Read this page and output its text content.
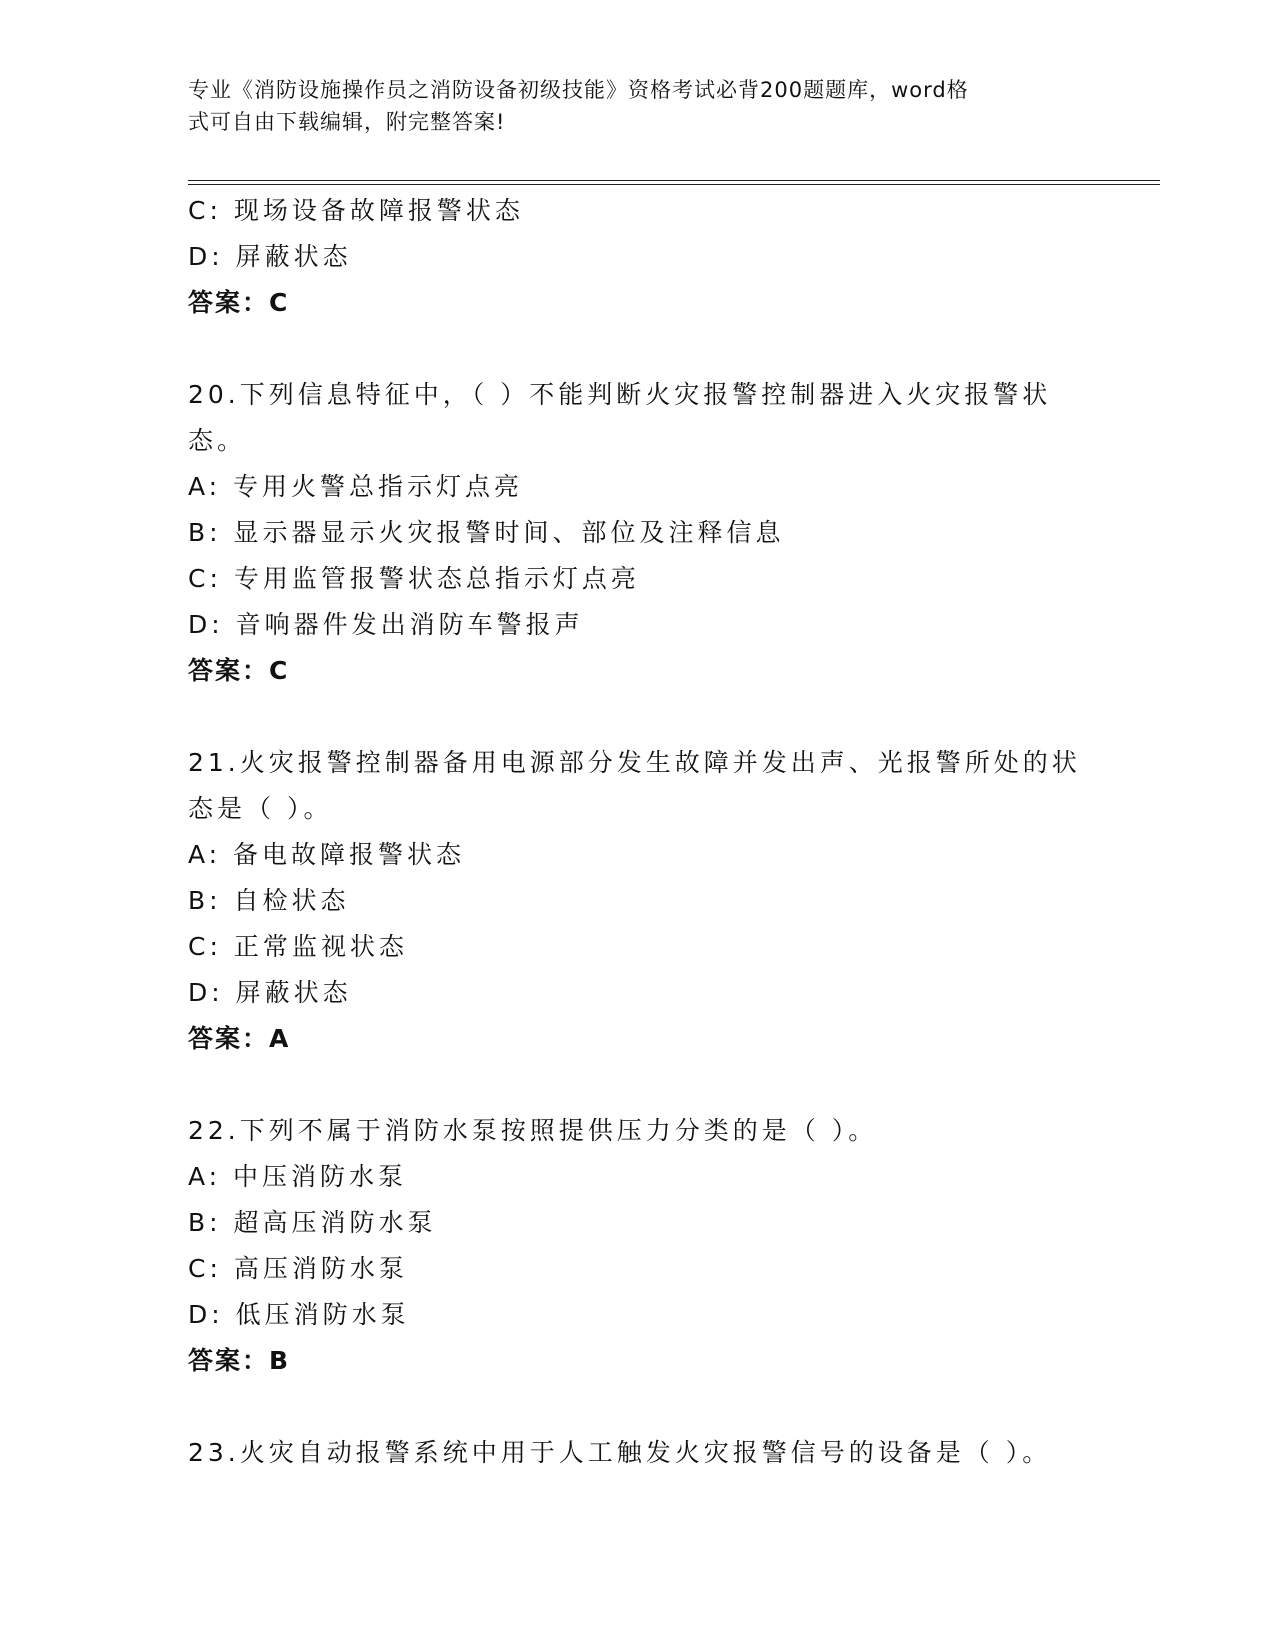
专业《消防设施操作员之消防设备初级技能》资格考试必背200题题库，word格
式可自由下载编辑，附完整答案!
C: 现场设备故障报警状态
D: 屏蔽状态
答案：C
20.下列信息特征中，（ ）不能判断火灾报警控制器进入火灾报警状
态。
A: 专用火警总指示灯点亮
B: 显示器显示火灾报警时间、部位及注释信息
C: 专用监管报警状态总指示灯点亮
D: 音响器件发出消防车警报声
答案：C
21.火灾报警控制器备用电源部分发生故障并发出声、光报警所处的状
态是（ ）。
A: 备电故障报警状态
B: 自检状态
C: 正常监视状态
D: 屏蔽状态
答案：A
22.下列不属于消防水泵按照提供压力分类的是（ ）。
A: 中压消防水泵
B: 超高压消防水泵
C: 高压消防水泵
D: 低压消防水泵
答案：B
23.火灾自动报警系统中用于人工触发火灾报警信号的设备是（ ）。
